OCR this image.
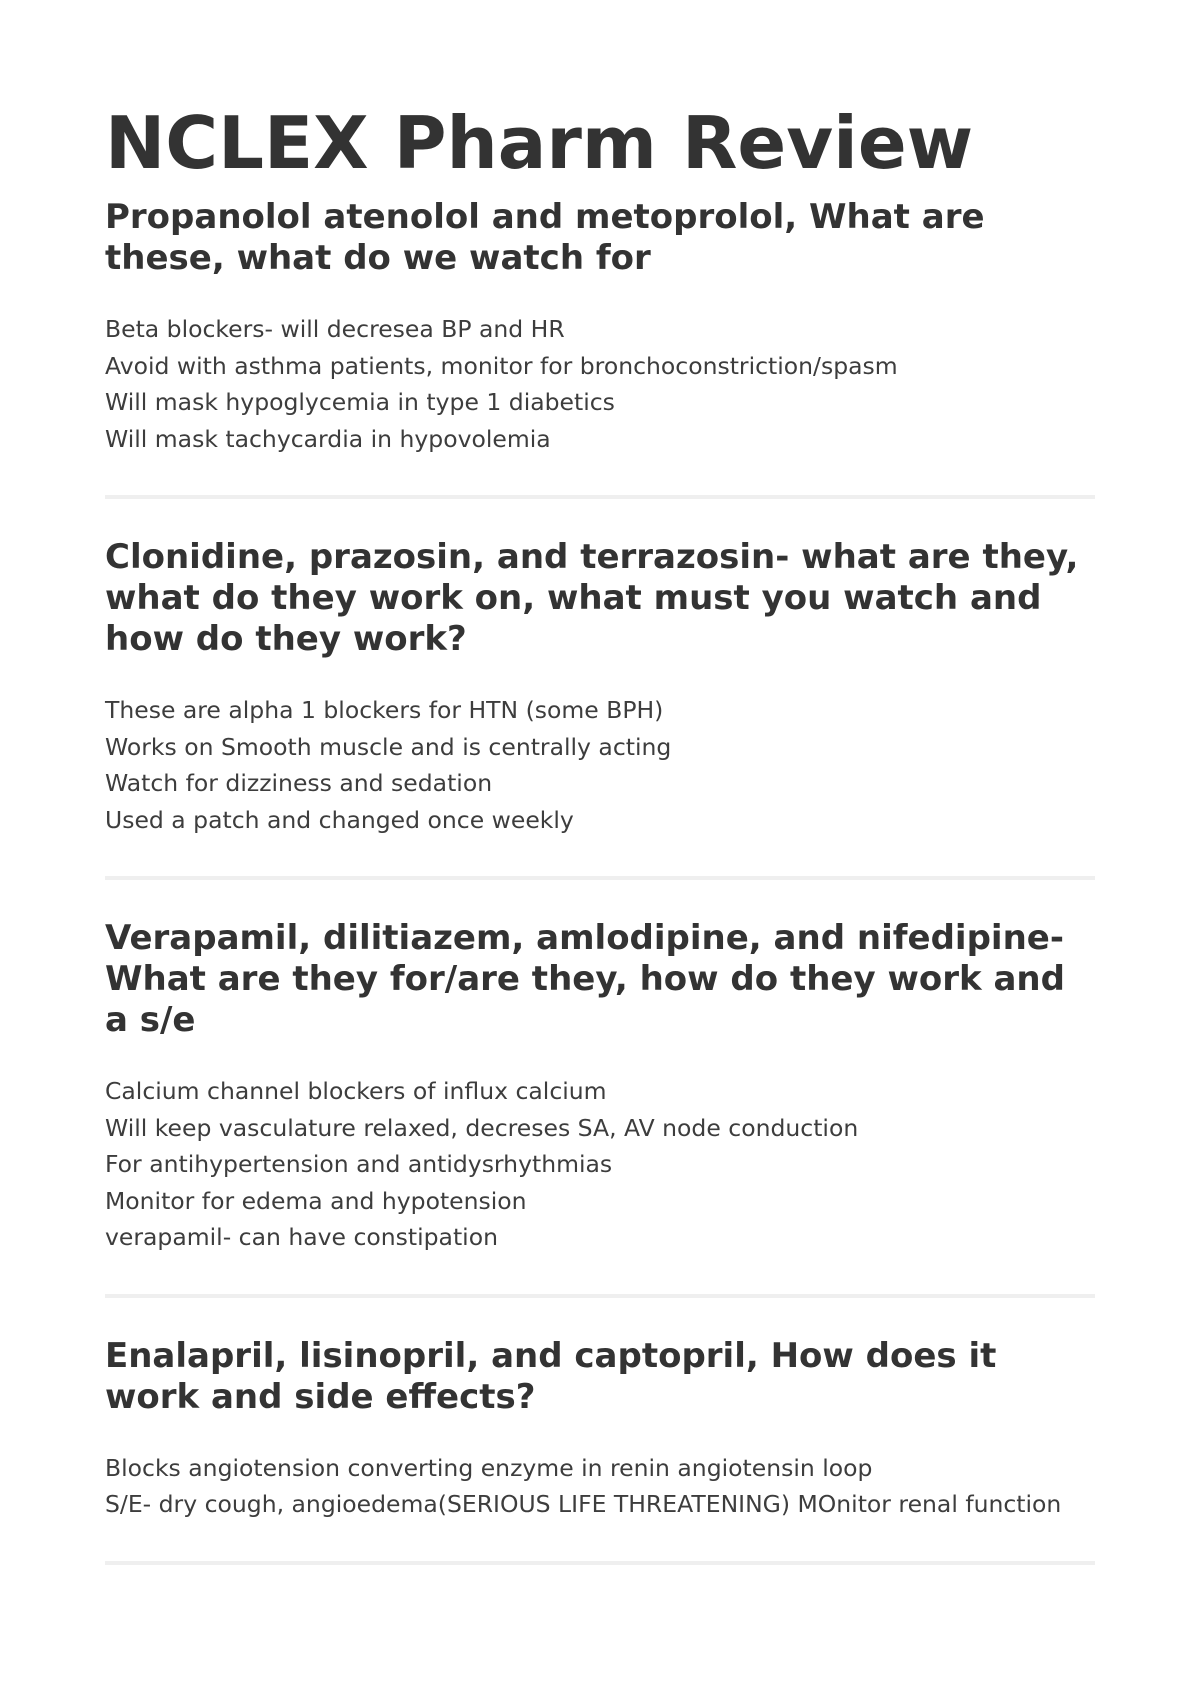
NCLEX Pharm Review
Propanolol atenolol and metoprolol, What are these, what do we watch for
Beta blockers- will decresea BP and HR
Avoid with asthma patients, monitor for bronchoconstriction/spasm
Will mask hypoglycemia in type 1 diabetics
Will mask tachycardia in hypovolemia
Clonidine, prazosin, and terrazosin- what are they, what do they work on, what must you watch and how do they work?
These are alpha 1 blockers for HTN (some BPH)
Works on Smooth muscle and is centrally acting
Watch for dizziness and sedation
Used a patch and changed once weekly
Verapamil, dilitiazem, amlodipine, and nifedipine- What are they for/are they, how do they work and a s/e
Calcium channel blockers of influx calcium
Will keep vasculature relaxed, decreses SA, AV node conduction
For antihypertension and antidysrhythmias
Monitor for edema and hypotension
verapamil- can have constipation
Enalapril, lisinopril, and captopril, How does it work and side effects?
Blocks angiotension converting enzyme in renin angiotensin loop
S/E- dry cough, angioedema(SERIOUS LIFE THREATENING) MOnitor renal function
